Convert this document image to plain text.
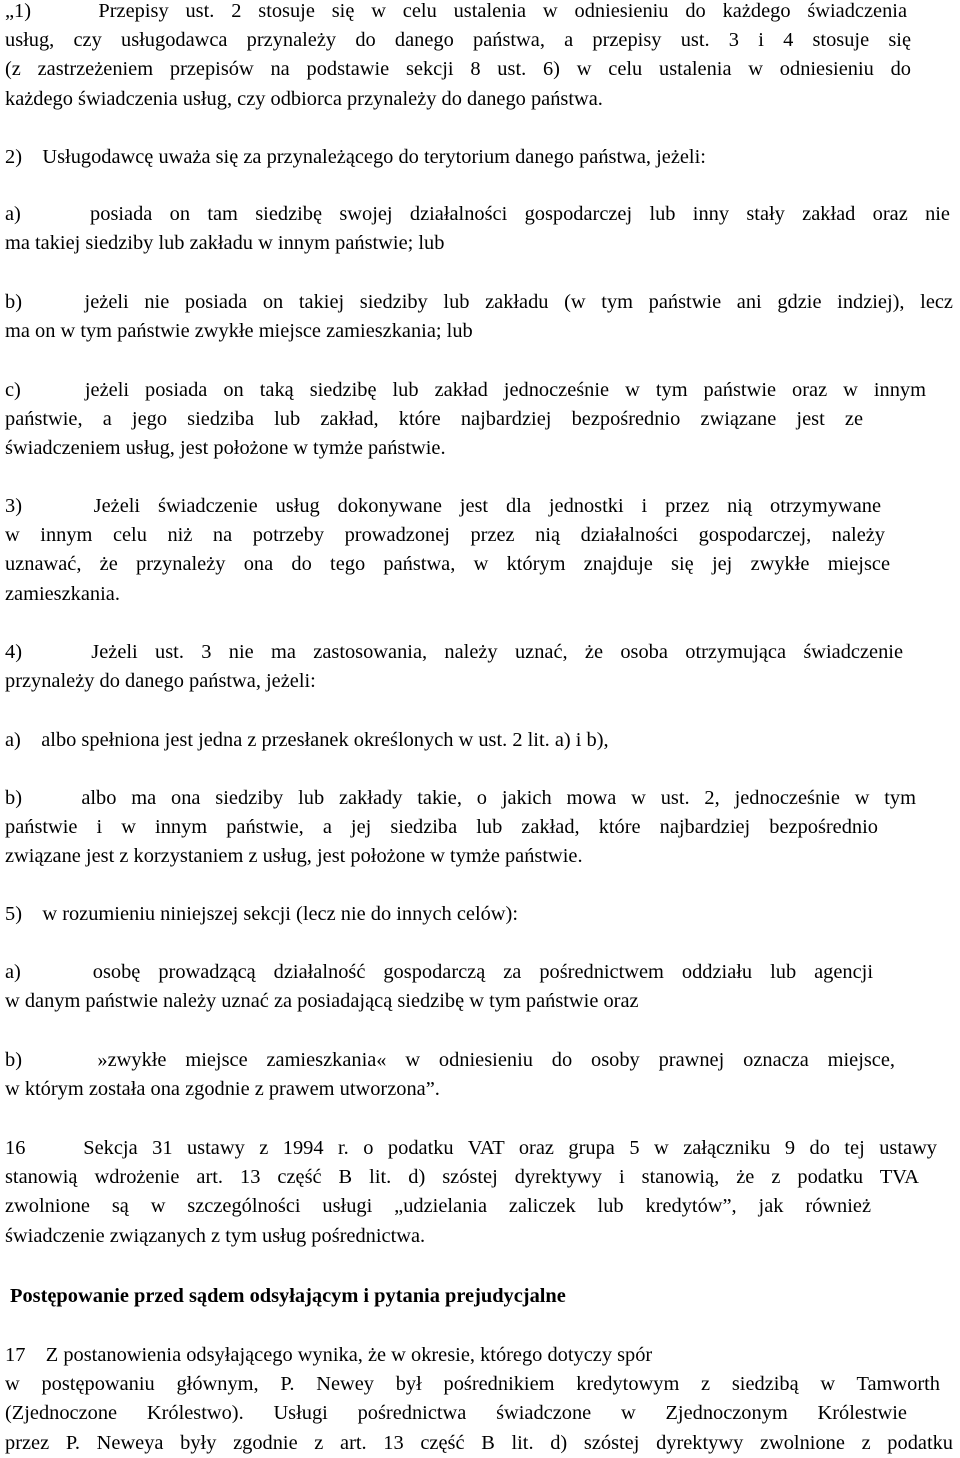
„1)    Przepisy ust. 2 stosuje się w celu ustalenia w odniesieniu do każdego świadczenia
usług, czy usługodawca przynależy do danego państwa, a przepisy ust. 3 i 4 stosuje się
(z zastrzeżeniem przepisów na podstawie sekcji 8 ust. 6) w celu ustalenia w odniesieniu do
każdego świadczenia usług, czy odbiorca przynależy do danego państwa.
2)    Usługodawcę uważa się za przynależącego do terytorium danego państwa, jeżeli:
a)    posiada on tam siedzibę swojej działalności gospodarczej lub inny stały zakład oraz nie
ma takiej siedziby lub zakładu w innym państwie; lub
b)    jeżeli nie posiada on takiej siedziby lub zakładu (w tym państwie ani gdzie indziej), lecz
ma on w tym państwie zwykłe miejsce zamieszkania; lub
c)    jeżeli posiada on taką siedzibę lub zakład jednocześnie w tym państwie oraz w innym
państwie, a jego siedziba lub zakład, które najbardziej bezpośrednio związane jest ze
świadczeniem usług, jest położone w tymże państwie.
3)    Jeżeli świadczenie usług dokonywane jest dla jednostki i przez nią otrzymywane
w innym celu niż na potrzeby prowadzonej przez nią działalności gospodarczej, należy
uznawać, że przynależy ona do tego państwa, w którym znajduje się jej zwykłe miejsce
zamieszkania.
4)    Jeżeli ust. 3 nie ma zastosowania, należy uznać, że osoba otrzymująca świadczenie
przynależy do danego państwa, jeżeli:
a)    albo spełniona jest jedna z przesłanek określonych w ust. 2 lit. a) i b),
b)    albo ma ona siedziby lub zakłady takie, o jakich mowa w ust. 2, jednocześnie w tym
państwie i w innym państwie, a jej siedziba lub zakład, które najbardziej bezpośrednio
związane jest z korzystaniem z usług, jest położone w tymże państwie.
5)    w rozumieniu niniejszej sekcji (lecz nie do innych celów):
a)    osobę prowadzącą działalność gospodarczą za pośrednictwem oddziału lub agencji
w danym państwie należy uznać za posiadającą siedzibę w tym państwie oraz
b)    »zwykłe miejsce zamieszkania« w odniesieniu do osoby prawnej oznacza miejsce,
w którym została ona zgodnie z prawem utworzona”.
16    Sekcja 31 ustawy z 1994 r. o podatku VAT oraz grupa 5 w załączniku 9 do tej ustawy
stanowią wdrożenie art. 13 część B lit. d) szóstej dyrektywy i stanowią, że z podatku TVA
zwolnione są w szczególności usługi „udzielania zaliczek lub kredytów”, jak również
świadczenie związanych z tym usług pośrednictwa.
Postępowanie przed sądem odsyłającym i pytania prejudycjalne
17    Z postanowienia odsyłającego wynika, że w okresie, którego dotyczy spór
w postępowaniu głównym, P. Newey był pośrednikiem kredytowym z siedzibą w Tamworth
(Zjednoczone Królestwo). Usługi pośrednictwa świadczone w Zjednoczonym Królestwie
przez P. Neweya były zgodnie z art. 13 część B lit. d) szóstej dyrektywy zwolnione z podatku
